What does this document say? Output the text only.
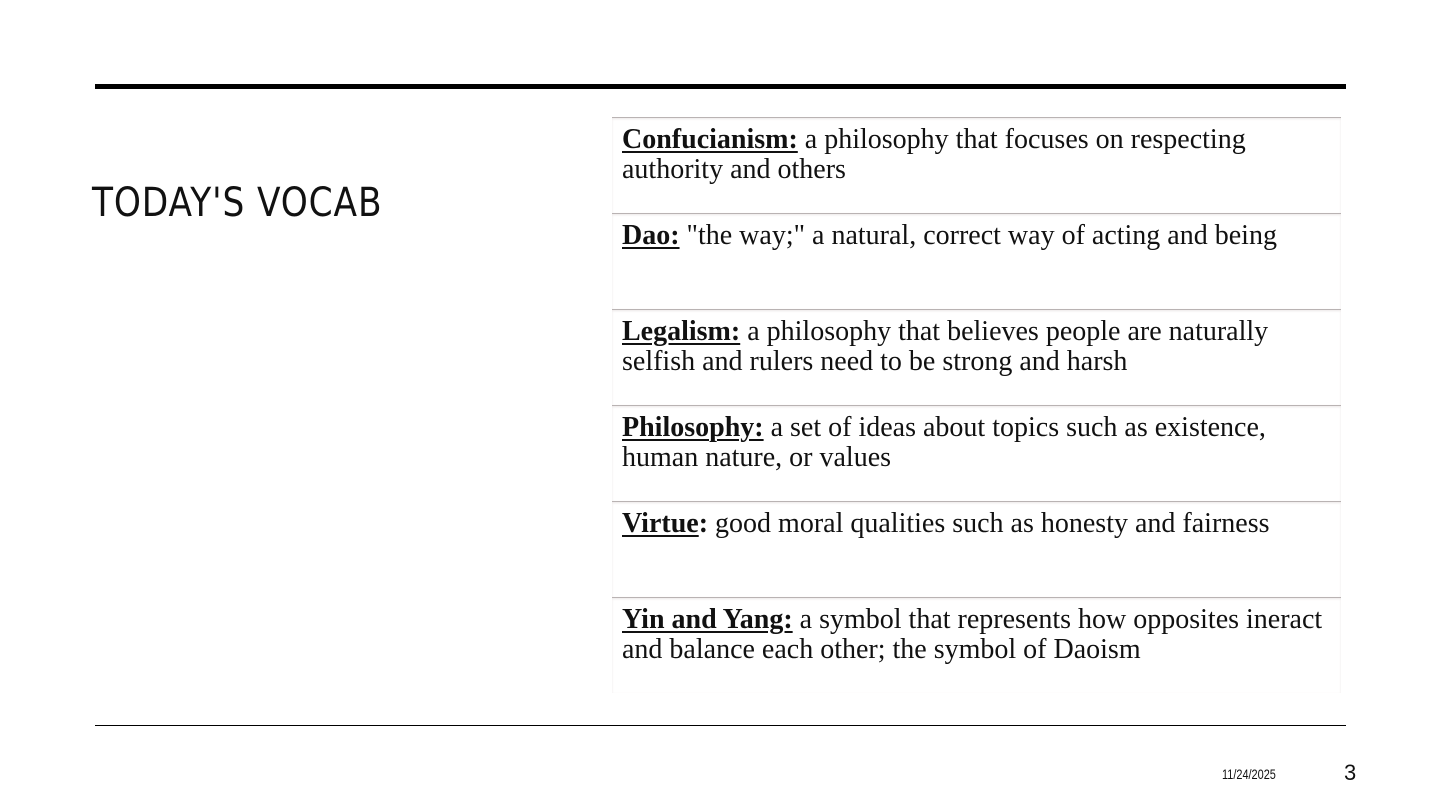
TODAY'S VOCAB
Confucianism: a philosophy that focuses on respecting authority and others
Dao: "the way;" a natural, correct way of acting and being
Legalism: a philosophy that believes people are naturally selfish and rulers need to be strong and harsh
Philosophy: a set of ideas about topics such as existence, human nature, or values
Virtue: good moral qualities such as honesty and fairness
Yin and Yang: a symbol that represents how opposites ineract and balance each other; the symbol of Daoism
11/24/2025	3
